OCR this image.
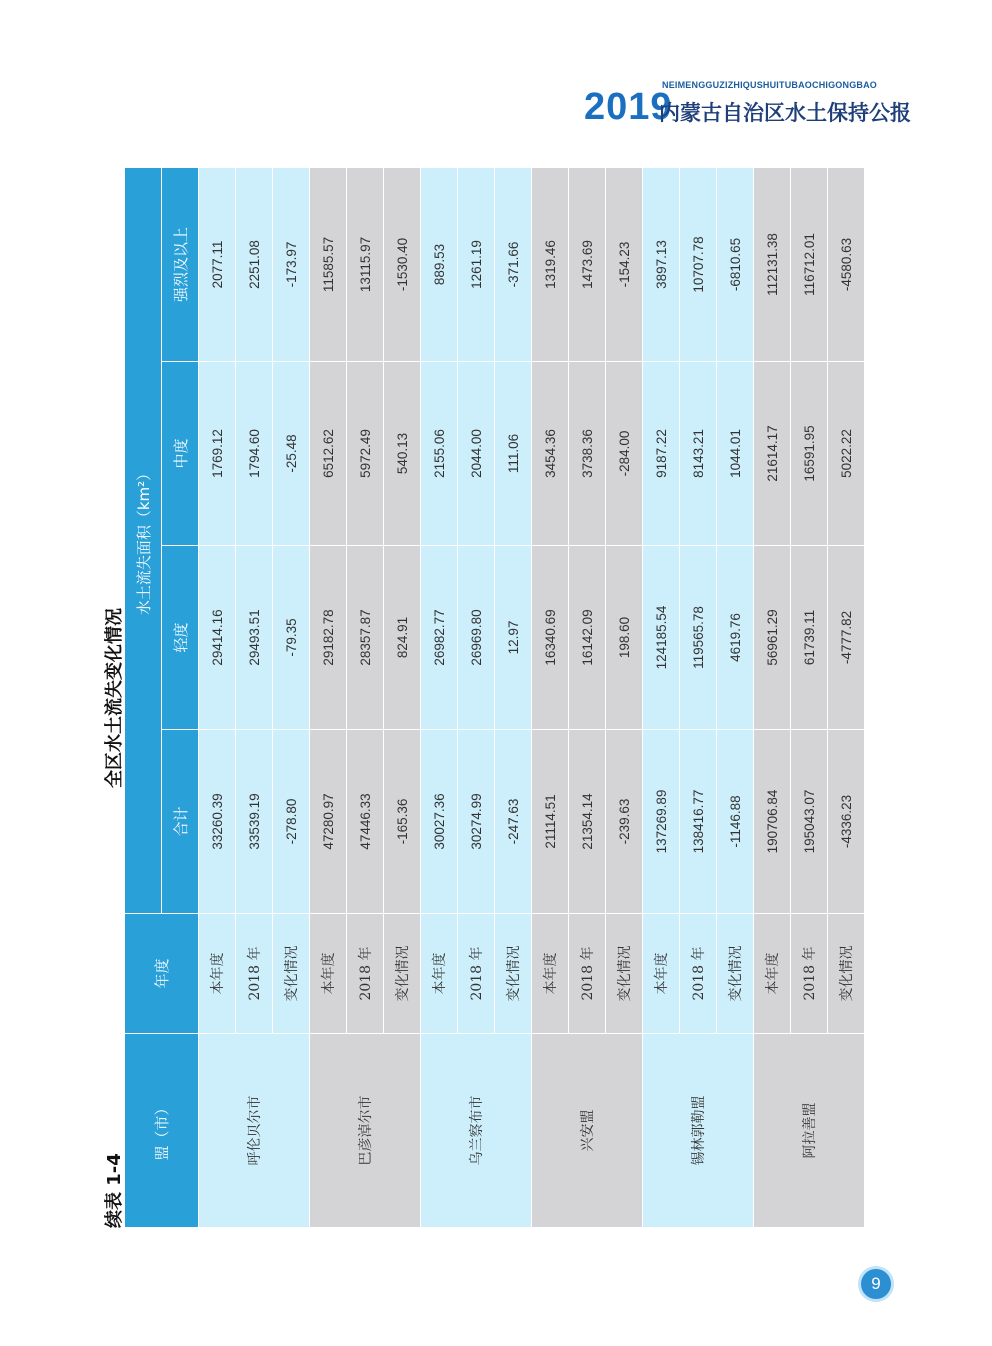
NEIMENGGUZIZHIQUSHUITUBAOCHIGONGBAO
2019
内蒙古自治区水土保持公报
续表 1-4
全区水土流失变化情况
盟（市）	年度	水土流失面积（km²）			
		合计	轻度	中度	强烈及以上
呼伦贝尔市	本年度	33260.39	29414.16	1769.12	2077.11
	2018 年	33539.19	29493.51	1794.60	2251.08
	变化情况	-278.80	-79.35	-25.48	-173.97
巴彦淖尔市	本年度	47280.97	29182.78	6512.62	11585.57
	2018 年	47446.33	28357.87	5972.49	13115.97
	变化情况	-165.36	824.91	540.13	-1530.40
乌兰察布市	本年度	30027.36	26982.77	2155.06	889.53
	2018 年	30274.99	26969.80	2044.00	1261.19
	变化情况	-247.63	12.97	111.06	-371.66
兴安盟	本年度	21114.51	16340.69	3454.36	1319.46
	2018 年	21354.14	16142.09	3738.36	1473.69
	变化情况	-239.63	198.60	-284.00	-154.23
锡林郭勒盟	本年度	137269.89	124185.54	9187.22	3897.13
	2018 年	138416.77	119565.78	8143.21	10707.78
	变化情况	-1146.88	4619.76	1044.01	-6810.65
阿拉善盟	本年度	190706.84	56961.29	21614.17	112131.38
	2018 年	195043.07	61739.11	16591.95	116712.01
	变化情况	-4336.23	-4777.82	5022.22	-4580.63
9
